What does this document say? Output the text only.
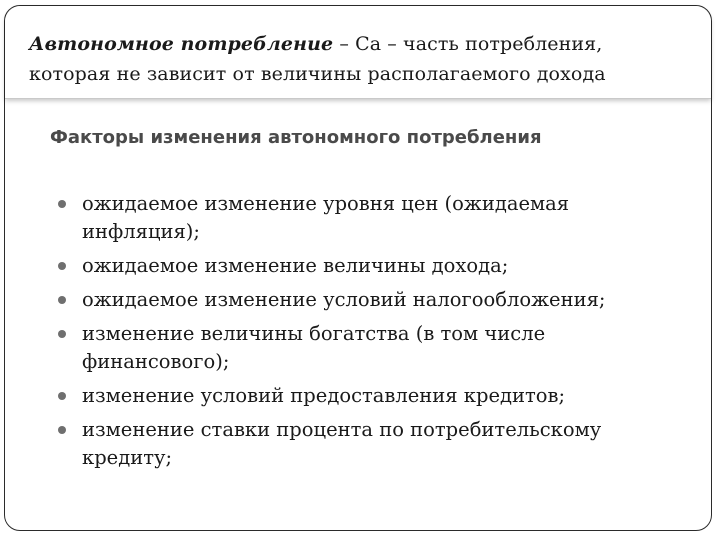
Автономное потребление – Ca – часть потребления, которая не зависит от величины располагаемого дохода

Факторы изменения автономного потребления
ожидаемое изменение уровня цен (ожидаемая инфляция);
ожидаемое изменение величины дохода;
ожидаемое изменение условий налогообложения;
изменение величины богатства (в том числе финансового);
изменение условий предоставления кредитов;
изменение ставки процента по потребительскому кредиту;
